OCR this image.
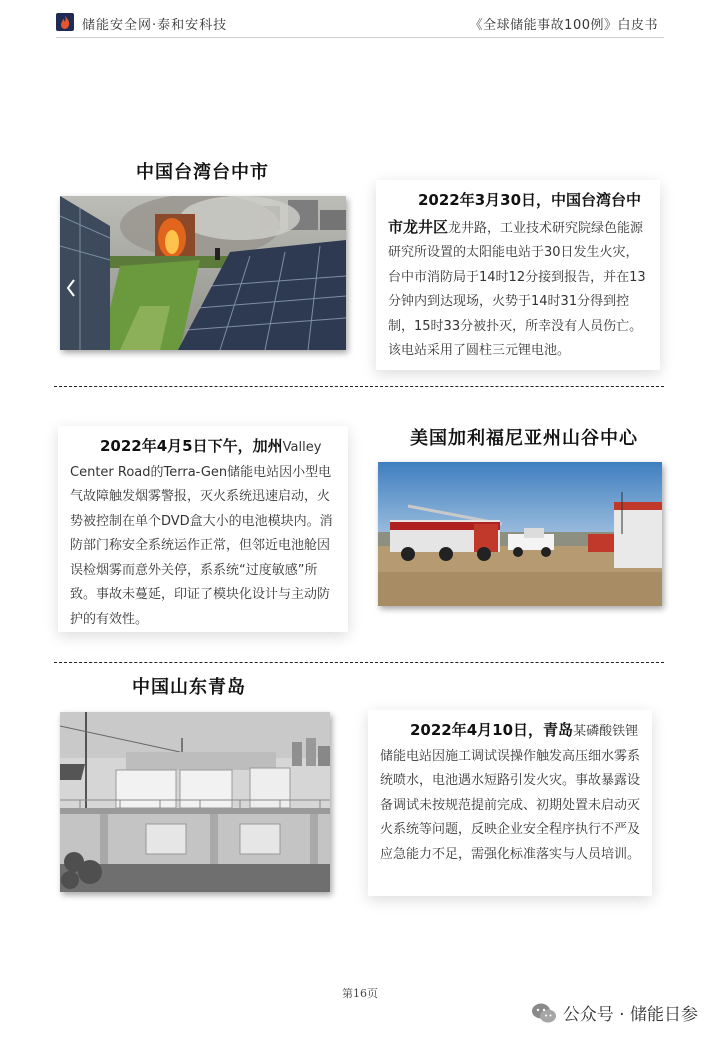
储能安全网·泰和安科技	《全球储能事故100例》白皮书
中国台湾台中市
2022年3月30日，中国台湾台中市龙井区龙井路，工业技术研究院绿色能源研究所设置的太阳能电站于30日发生火灾，台中市消防局于14时12分接到报告，并在13分钟内到达现场，火势于14时31分得到控制，15时33分被扑灭，所幸没有人员伤亡。该电站采用了圆柱三元锂电池。
2022年4月5日下午，加州Valley Center Road的Terra-Gen储能电站因小型电气故障触发烟雾警报，灭火系统迅速启动，火势被控制在单个DVD盒大小的电池模块内。消防部门称安全系统运作正常，但邻近电池舱因误检烟雾而意外关停，系系统“过度敏感”所致。事故未蔓延，印证了模块化设计与主动防护的有效性。
美国加利福尼亚州山谷中心
中国山东青岛
2022年4月10日，青岛某磷酸铁锂储能电站因施工调试误操作触发高压细水雾系统喷水，电池遇水短路引发火灾。事故暴露设备调试未按规范提前完成、初期处置未启动灭火系统等问题，反映企业安全程序执行不严及应急能力不足，需强化标准落实与人员培训。
第16页
公众号 · 储能日参
